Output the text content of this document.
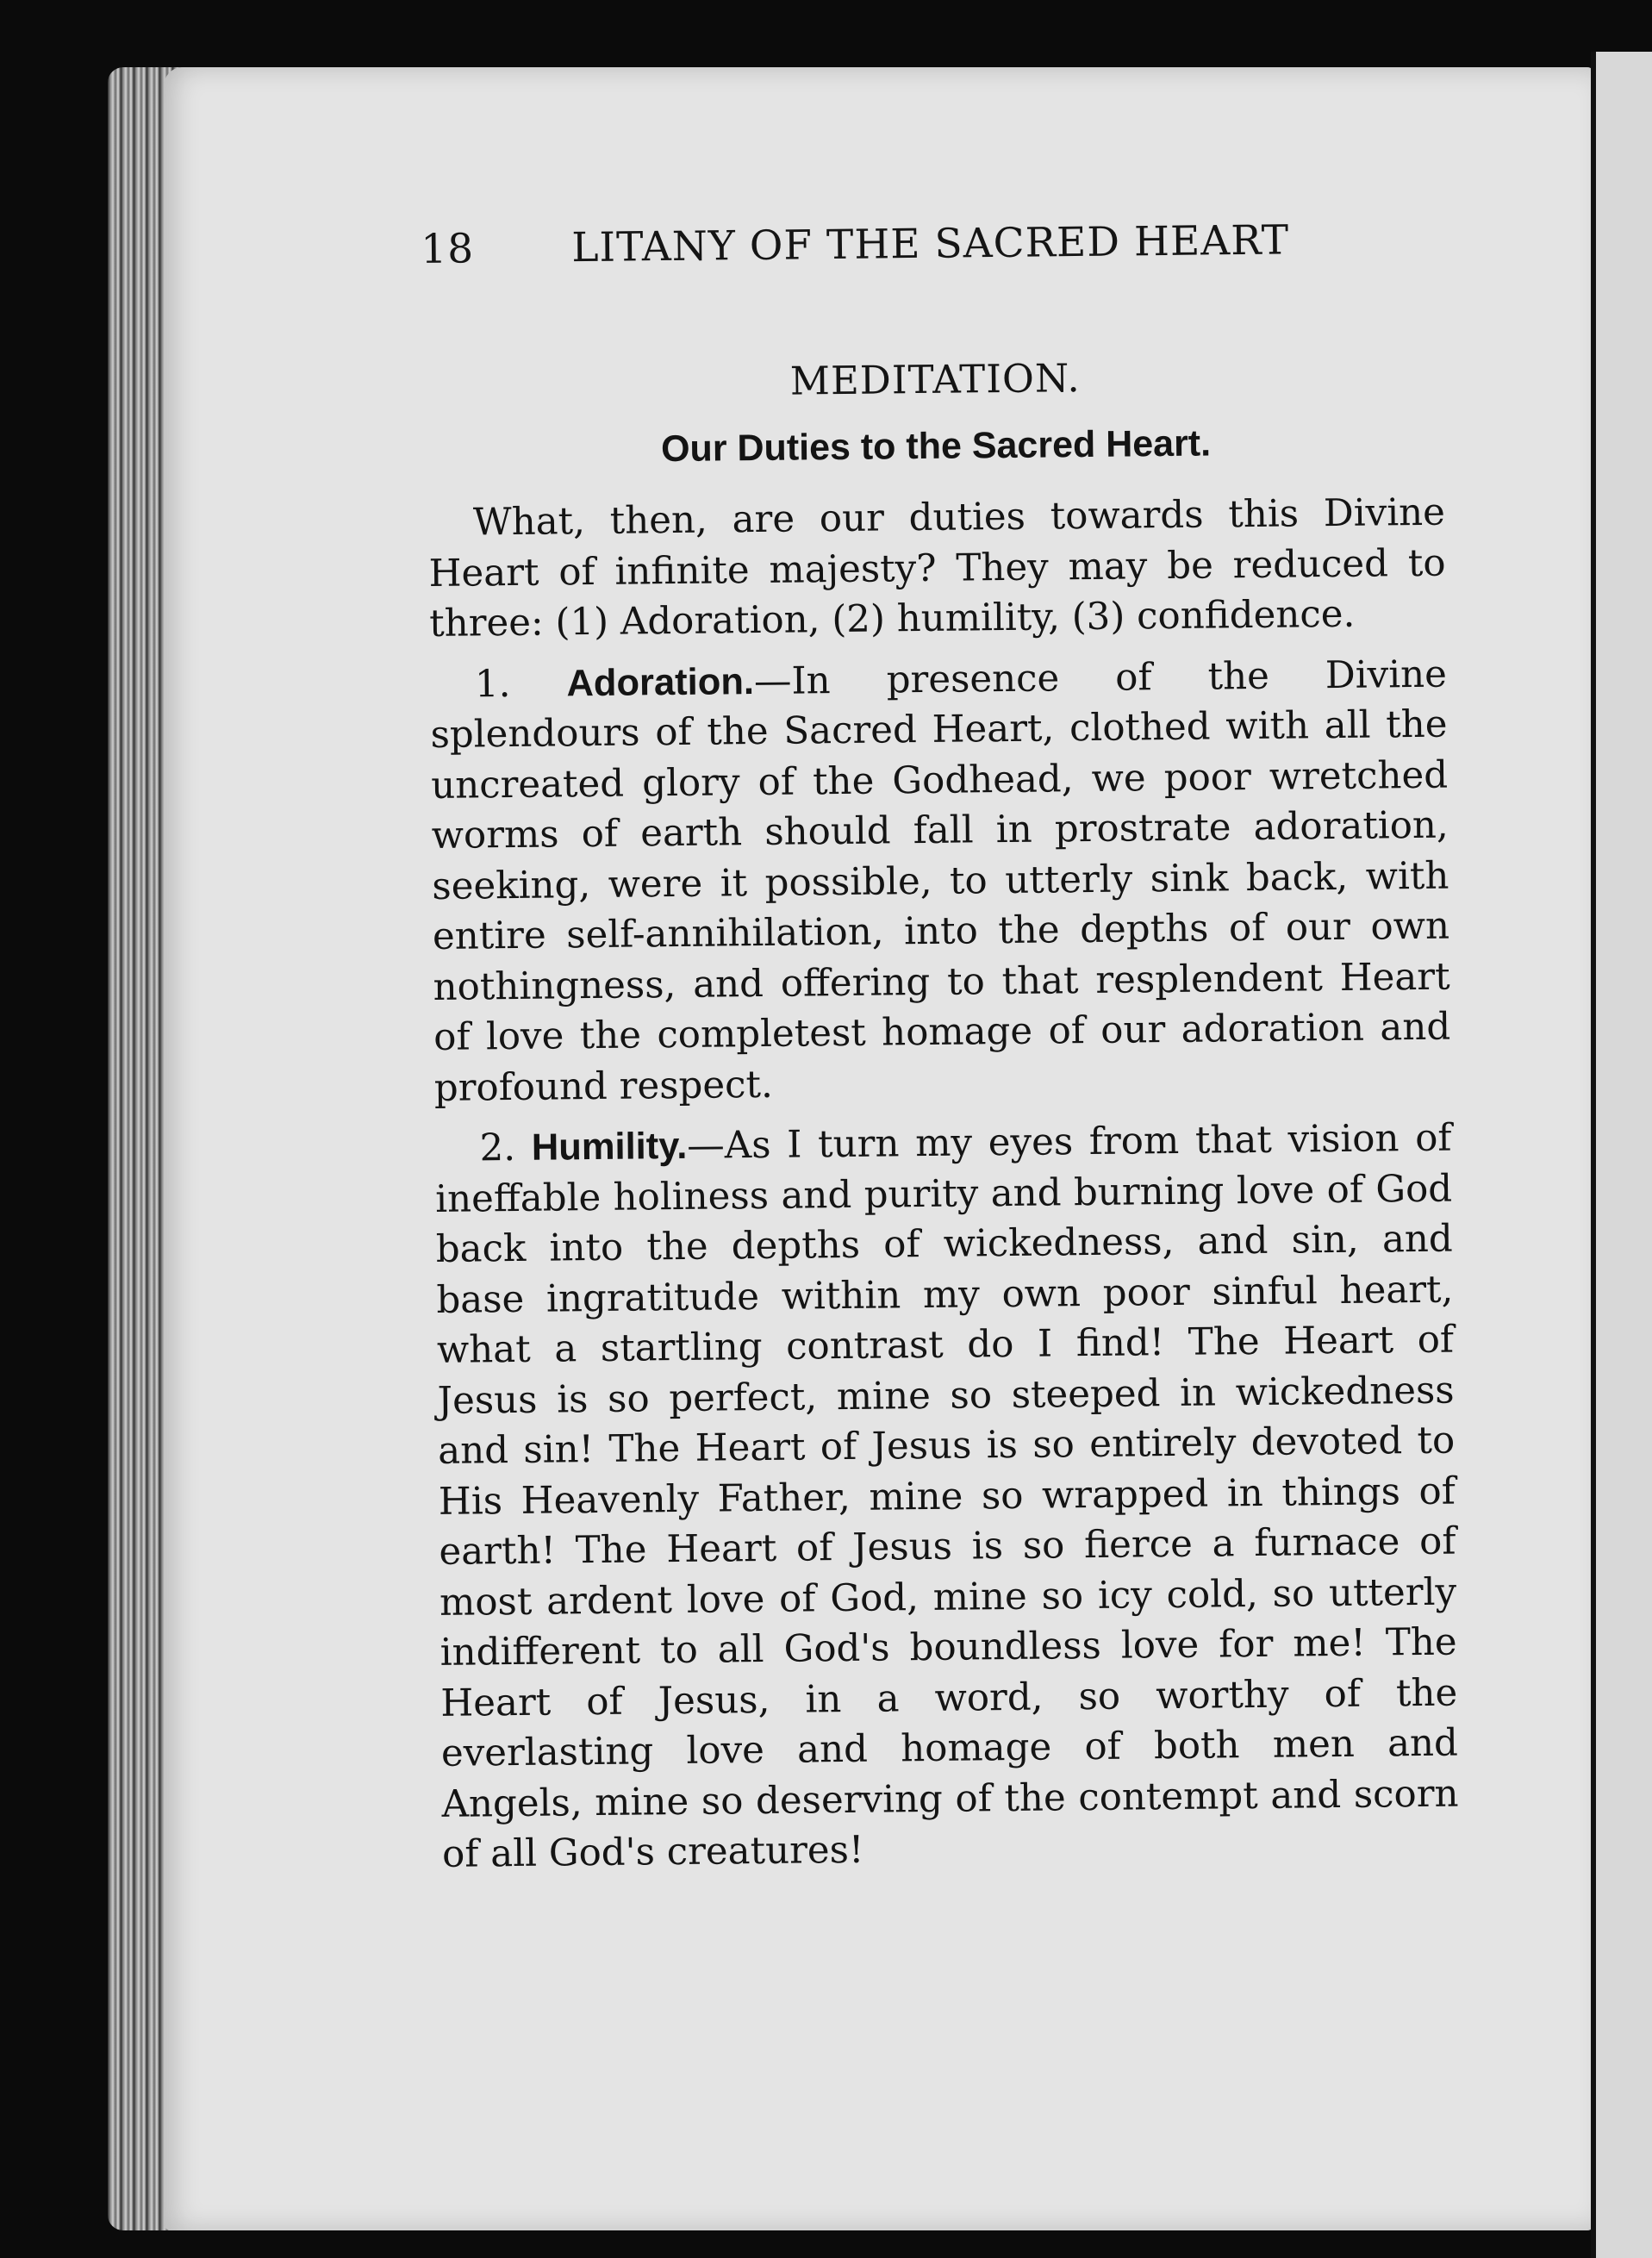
18 LITANY OF THE SACRED HEART
MEDITATION.
Our Duties to the Sacred Heart.

What, then, are our duties towards this Divine Heart of infinite majesty? They may be reduced to three: (1) Adoration, (2) humility, (3) confidence.

1. Adoration.—In presence of the Divine splendours of the Sacred Heart, clothed with all the uncreated glory of the Godhead, we poor wretched worms of earth should fall in prostrate adoration, seeking, were it possible, to utterly sink back, with entire self-annihilation, into the depths of our own nothingness, and offering to that resplendent Heart of love the completest homage of our adoration and profound respect.

2. Humility.—As I turn my eyes from that vision of ineffable holiness and purity and burning love of God back into the depths of wickedness, and sin, and base ingratitude within my own poor sinful heart, what a startling contrast do I find! The Heart of Jesus is so perfect, mine so steeped in wickedness and sin! The Heart of Jesus is so entirely devoted to His Heavenly Father, mine so wrapped in things of earth! The Heart of Jesus is so fierce a furnace of most ardent love of God, mine so icy cold, so utterly indifferent to all God's boundless love for me! The Heart of Jesus, in a word, so worthy of the everlasting love and homage of both men and Angels, mine so deserving of the contempt and scorn of all God's creatures!
